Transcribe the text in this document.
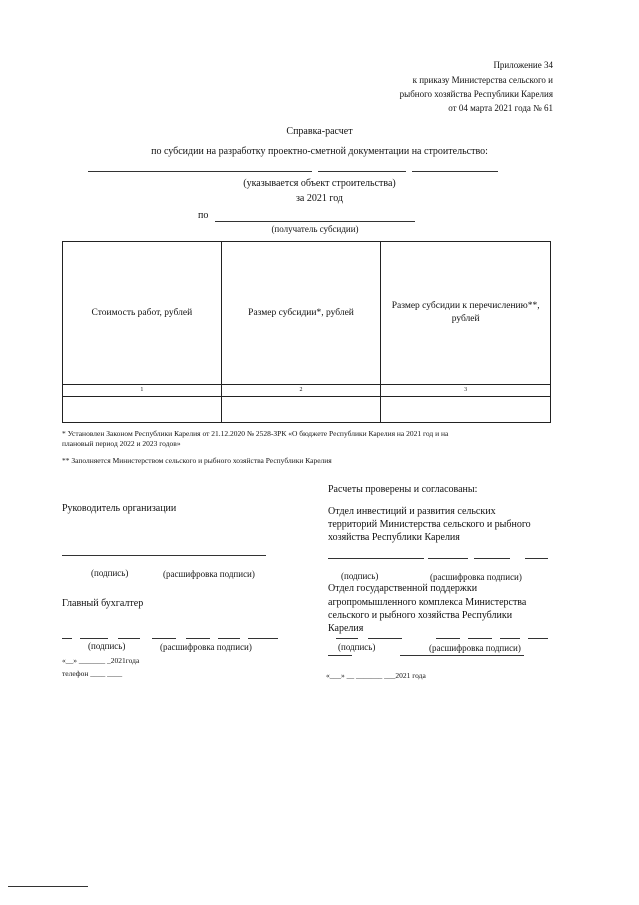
Приложение 34
к приказу Министерства сельского и
рыбного хозяйства Республики Карелия
от 04 марта 2021 года № 61
Справка-расчет
по субсидии на разработку проектно-сметной документации на строительство:
(указывается объект строительства)
за 2021 год
по
(получатель субсидии)
Стоимость работ, рублей	Размер субсидии*, рублей	Размер субсидии к перечислению**, рублей
1	2	3

* Установлен Законом Республики Карелия от 21.12.2020 № 2528-ЗРК «О бюджете Республики Карелия на 2021 год и на
плановый период 2022 и 2023 годов»
** Заполняется Министерством сельского и рыбного хозяйства Республики Карелия
Расчеты проверены и согласованы:
Отдел инвестиций и развития сельских
территорий Министерства сельского и рыбного
хозяйства Республики Карелия
(подпись)	(расшифровка подписи)
Отдел государственной поддержки
агропромышленного комплекса Министерства
сельского и рыбного хозяйства Республики
Карелия
(подпись)	(расшифровка подписи)
«___» __ _______ ___2021 года
Руководитель организации
(подпись)	(расшифровка подписи)
Главный бухгалтер
(подпись)	(расшифровка подписи)
«__» _______ _2021года
телефон ____ ____
